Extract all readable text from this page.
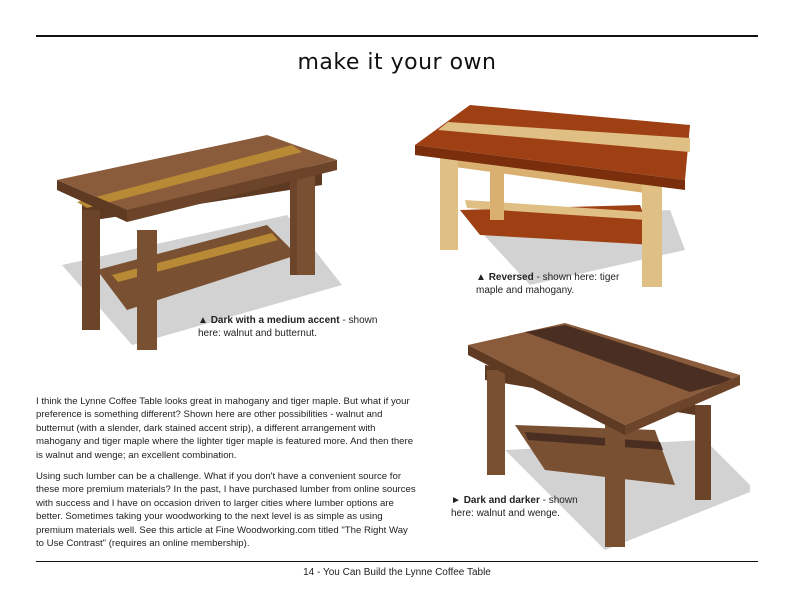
make it your own
▲ Dark with a medium accent - shown here: walnut and butternut.
▲ Reversed - shown here: tiger maple and mahogany.
► Dark and darker - shown here: walnut and wenge.

I think the Lynne Coffee Table looks great in mahogany and tiger maple. But what if your preference is something different? Shown here are other possibilities - walnut and butternut (with a slender, dark stained accent strip), a different arrangement with mahogany and tiger maple where the lighter tiger maple is featured more. And then there is walnut and wenge; an excellent combination.

Using such lumber can be a challenge. What if you don't have a convenient source for these more premium materials? In the past, I have purchased lumber from online sources with success and I have on occasion driven to larger cities where lumber options are better. Sometimes taking your woodworking to the next level is as simple as using premium materials well. See this article at Fine Woodworking.com titled "The Right Way to Use Contrast" (requires an online membership).

14 - You Can Build the Lynne Coffee Table
